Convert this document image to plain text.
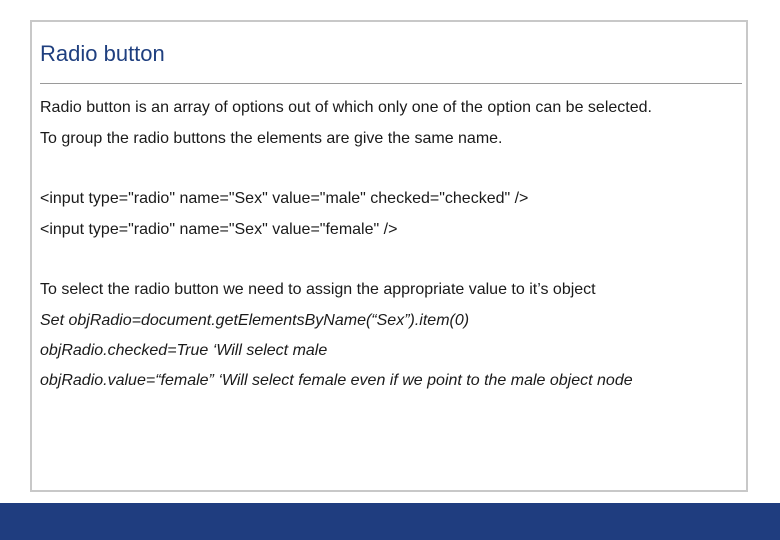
Radio button
Radio button is an array of options out of which only one of the option can be selected.
To group the radio buttons the elements are give the same name.
<input type="radio" name="Sex" value="male" checked="checked" />
<input type="radio" name="Sex" value="female" />
To select the radio button we need to assign the appropriate value to it’s object
Set objRadio=document.getElementsByName(“Sex”).item(0)
objRadio.checked=True ‘Will select male
objRadio.value=“female” ‘Will select female even if we point to the male object node
